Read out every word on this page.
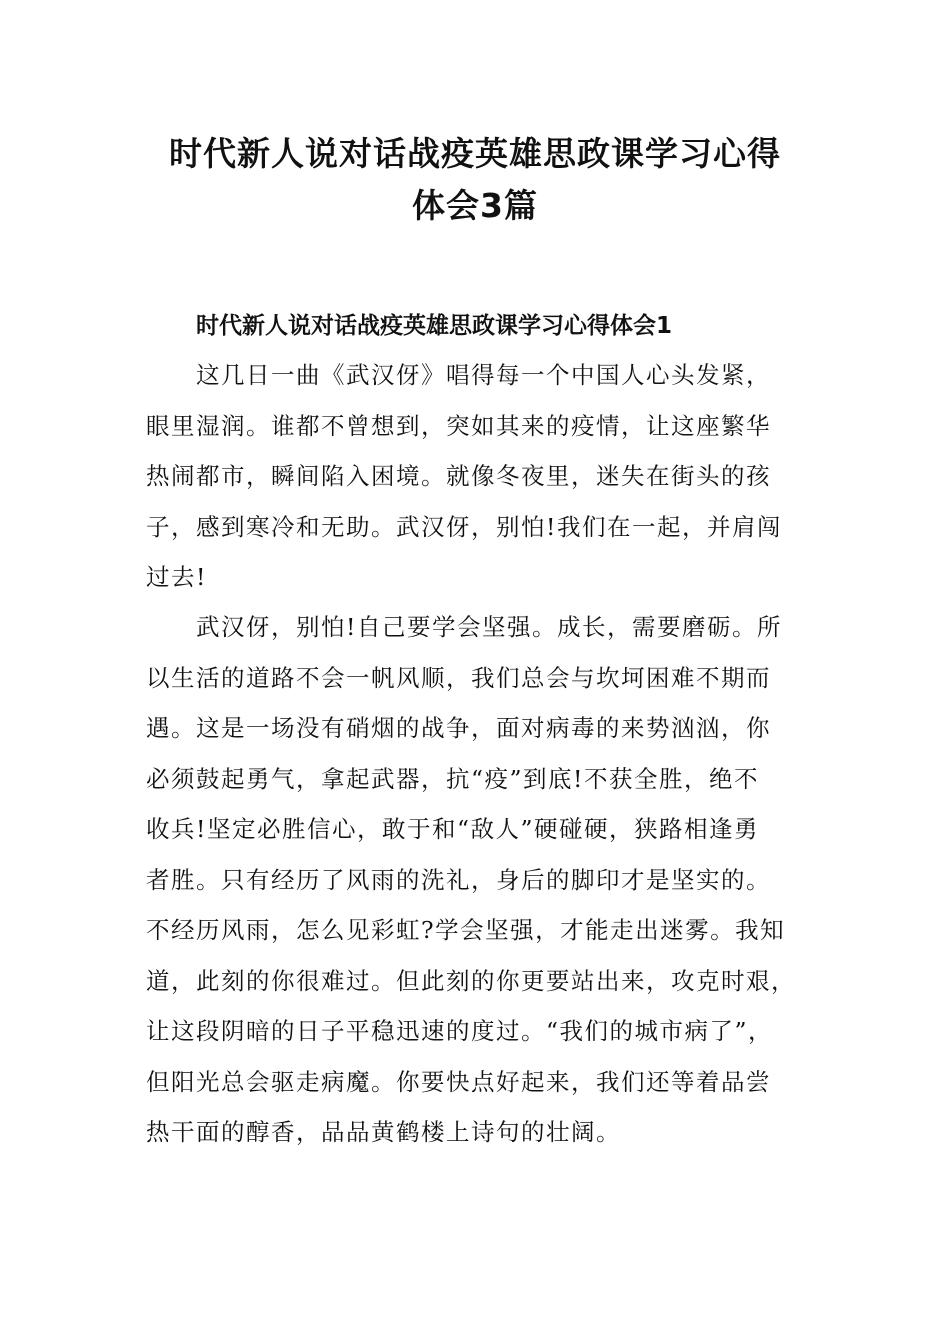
时代新人说对话战疫英雄思政课学习心得
体会3篇
时代新人说对话战疫英雄思政课学习心得体会1

这几日一曲《武汉伢》唱得每一个中国人心头发紧，
眼里湿润。谁都不曾想到，突如其来的疫情，让这座繁华
热闹都市，瞬间陷入困境。就像冬夜里，迷失在街头的孩
子，感到寒冷和无助。武汉伢，别怕!我们在一起，并肩闯
过去!

武汉伢，别怕!自己要学会坚强。成长，需要磨砺。所
以生活的道路不会一帆风顺，我们总会与坎坷困难不期而
遇。这是一场没有硝烟的战争，面对病毒的来势汹汹，你
必须鼓起勇气，拿起武器，抗“疫”到底!不获全胜，绝不
收兵!坚定必胜信心，敢于和“敌人”硬碰硬，狭路相逢勇
者胜。只有经历了风雨的洗礼，身后的脚印才是坚实的。
不经历风雨，怎么见彩虹?学会坚强，才能走出迷雾。我知
道，此刻的你很难过。但此刻的你更要站出来，攻克时艰，
让这段阴暗的日子平稳迅速的度过。“我们的城市病了”，
但阳光总会驱走病魔。你要快点好起来，我们还等着品尝
热干面的醇香，品品黄鹤楼上诗句的壮阔。
